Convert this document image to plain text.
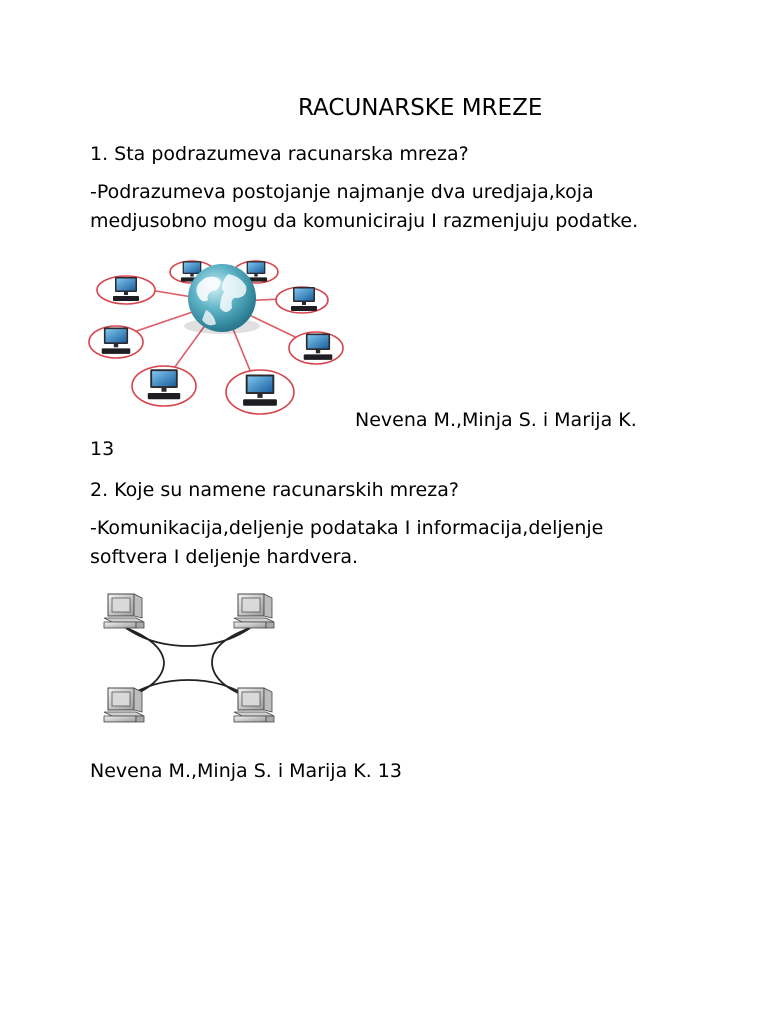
RACUNARSKE MREZE
1. Sta podrazumeva racunarska mreza?
-Podrazumeva postojanje najmanje dva uredjaja,koja
medjusobno mogu da komuniciraju I razmenjuju podatke.
Nevena M.,Minja S. i Marija K.
13
2. Koje su namene racunarskih mreza?
-Komunikacija,deljenje podataka I informacija,deljenje
softvera I deljenje hardvera.
Nevena M.,Minja S. i Marija K. 13
